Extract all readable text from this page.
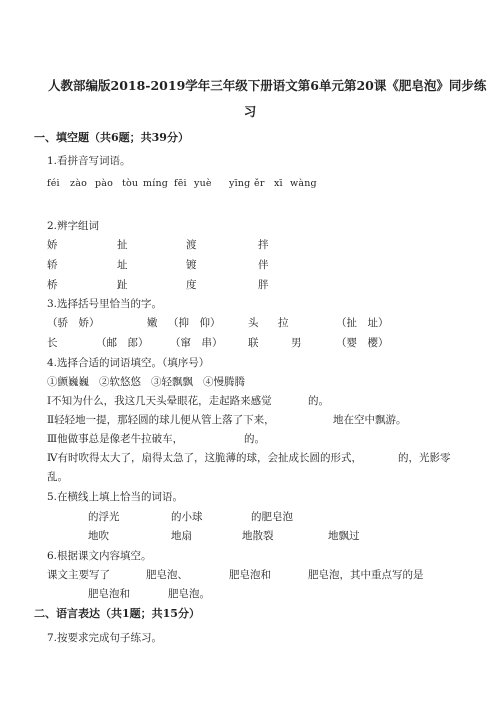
人教部编版2018-2019学年三年级下册语文第6单元第20课《肥皂泡》同步练
习
一、填空题（共6题；共39分）
1.看拼音写词语。
féi zào pào tòu míng fēi yuè yīng ěr xī wàng
2.辨字组词
娇	扯	渡	拌
轿	址	镀	伴
桥	趾	度	胖
3.选择括号里恰当的字。
（骄　娇）	嫩 （抑　仰）	头 拉	（扯　址）
长	（邮　郎） （窜　串） 联	男	（婴　樱）
4.选择合适的词语填空。（填序号）
①颤巍巍 ②软悠悠 ③轻飘飘 ④慢腾腾
Ⅰ不知为什么，我这几天头晕眼花，走起路来感觉	的。
Ⅱ轻轻地一提，那轻圆的球儿便从管上落了下来，	地在空中飘游。
Ⅲ他做事总是像老牛拉破车，	的。
Ⅳ有时吹得太大了，扇得太急了，这脆薄的球，会扯成长圆的形式，	的，光影零
乱。
5.在横线上填上恰当的词语。
的浮光	的小球	的肥皂泡
地吹	地扇	地散裂	地飘过
6.根据课文内容填空。
课文主要写了	肥皂泡、	肥皂泡和	肥皂泡，其中重点写的是
肥皂泡和	肥皂泡。
二、语言表达（共1题；共15分）
7.按要求完成句子练习。
